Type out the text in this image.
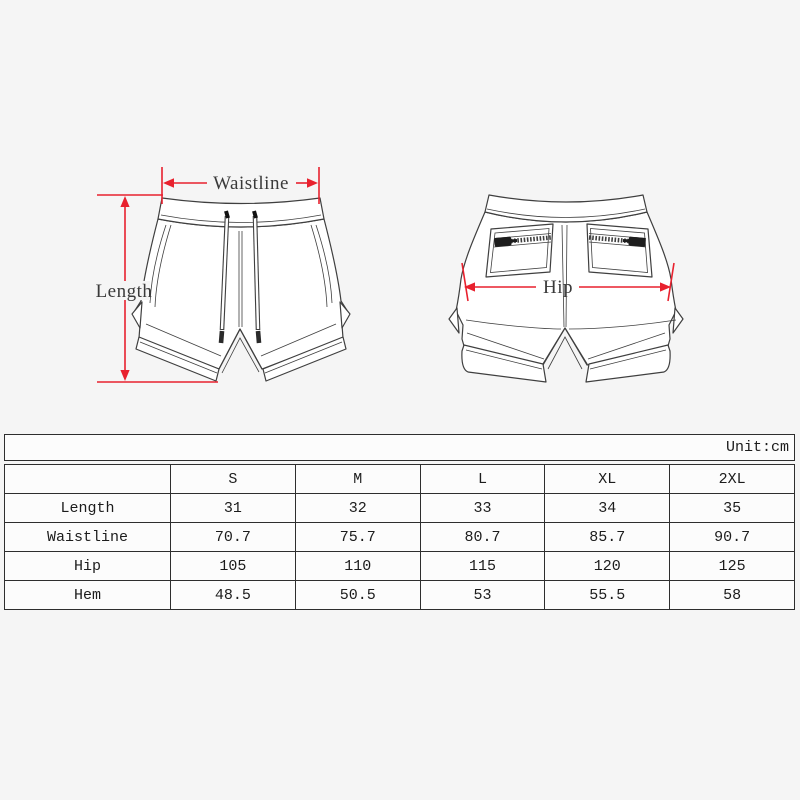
Waistline
Length	Hip
Unit:cm
	S	M	L	XL	2XL
Length	31	32	33	34	35
Waistline	70.7	75.7	80.7	85.7	90.7
Hip	105	110	115	120	125
Hem	48.5	50.5	53	55.5	58
